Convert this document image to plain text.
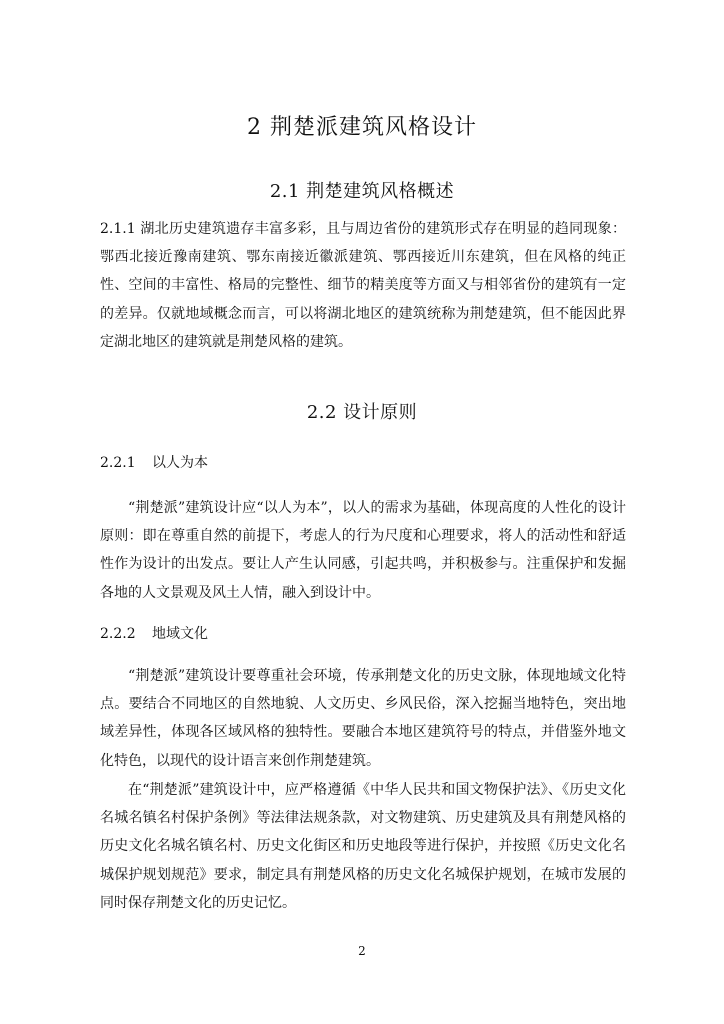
2 荆楚派建筑风格设计
2.1 荆楚建筑风格概述

2.1.1 湖北历史建筑遗存丰富多彩，且与周边省份的建筑形式存在明显的趋同现象：鄂西北接近豫南建筑、鄂东南接近徽派建筑、鄂西接近川东建筑，但在风格的纯正性、空间的丰富性、格局的完整性、细节的精美度等方面又与相邻省份的建筑有一定的差异。仅就地域概念而言，可以将湖北地区的建筑统称为荆楚建筑，但不能因此界定湖北地区的建筑就是荆楚风格的建筑。

2.2 设计原则
2.2.1 以人为本

“荆楚派”建筑设计应“以人为本”，以人的需求为基础，体现高度的人性化的设计原则：即在尊重自然的前提下，考虑人的行为尺度和心理要求，将人的活动性和舒适性作为设计的出发点。要让人产生认同感，引起共鸣，并积极参与。注重保护和发掘各地的人文景观及风土人情，融入到设计中。

2.2.2 地域文化

“荆楚派”建筑设计要尊重社会环境，传承荆楚文化的历史文脉，体现地域文化特点。要结合不同地区的自然地貌、人文历史、乡风民俗，深入挖掘当地特色，突出地域差异性，体现各区域风格的独特性。要融合本地区建筑符号的特点，并借鉴外地文化特色，以现代的设计语言来创作荆楚建筑。

在“荆楚派”建筑设计中，应严格遵循《中华人民共和国文物保护法》、《历史文化名城名镇名村保护条例》等法律法规条款，对文物建筑、历史建筑及具有荆楚风格的历史文化名城名镇名村、历史文化街区和历史地段等进行保护，并按照《历史文化名城保护规划规范》要求，制定具有荆楚风格的历史文化名城保护规划，在城市发展的同时保存荆楚文化的历史记忆。

2
